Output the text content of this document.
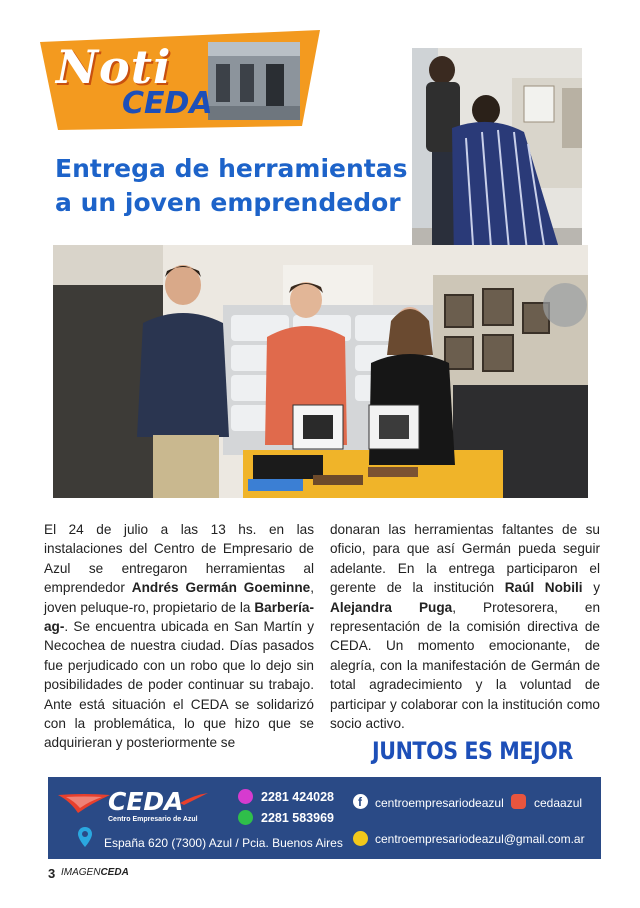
Noti
CEDA
Entrega de herramientas
a un joven emprendedor
El 24 de julio a las 13 hs. en las instalaciones del Centro de Empresario de Azul se entregaron herramientas al emprendedor Andrés Germán Goeminne, joven peluque-ro, propietario de la Barbería-ag-. Se encuentra ubicada en San Martín y Necochea de nuestra ciudad. Días pasados fue perjudicado con un robo que lo dejo sin posibilidades de poder continuar su trabajo. Ante está situación el CEDA se solidarizó con la problemática, lo que hizo que se adquirieran y posteriormente se
donaran las herramientas faltantes de su oficio, para que así Germán pueda seguir adelante. En la entrega participaron el gerente de la institución Raúl Nobili y Alejandra Puga, Protesorera, en representación de la comisión directiva de CEDA. Un momento emocionante, de alegría, con la manifestación de Germán de total agradecimiento y la voluntad de participar y colaborar con la institución como socio activo.
JUNTOS ES MEJOR
CEDA
Centro Empresario de Azul
España 620 (7300) Azul / Pcia. Buenos Aires
2281 424028
2281 583969
f centroempresariodeazul	cedaazul
centroempresariodeazul@gmail.com.ar
3 IMAGENCEDA
